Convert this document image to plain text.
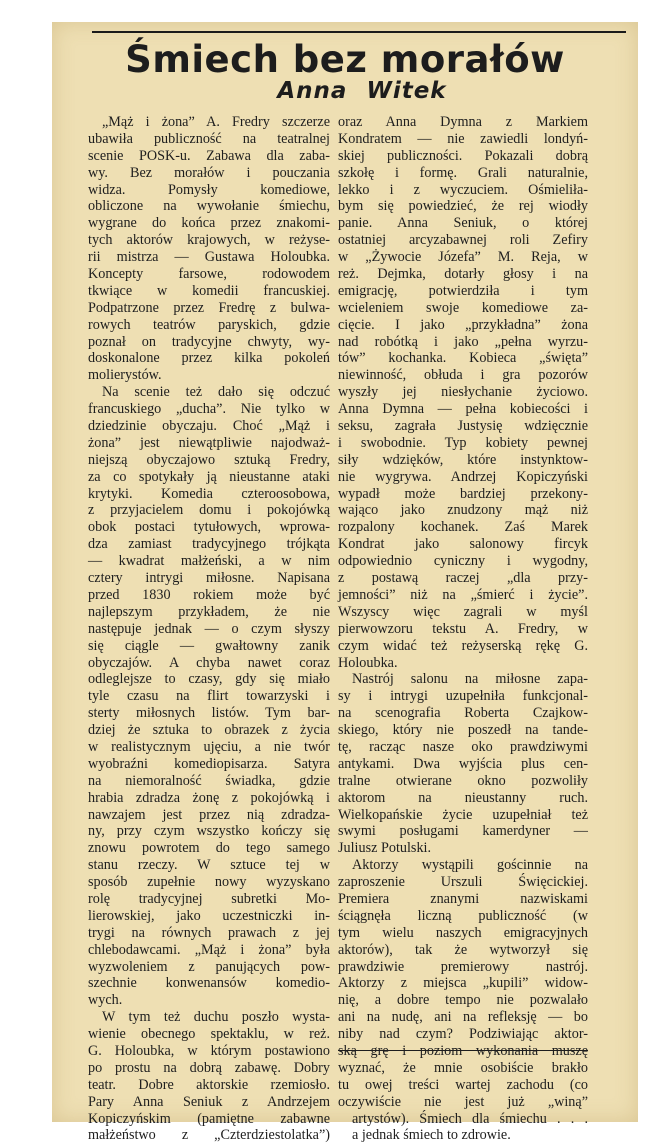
Śmiech bez morałów
Anna Witek
„Mąż i żona” A. Fredry szczerze
ubawiła publiczność na teatralnej
scenie POSK-u. Zabawa dla zaba-
wy. Bez morałów i pouczania
widza. Pomysły komediowe,
obliczone na wywołanie śmiechu,
wygrane do końca przez znakomi-
tych aktorów krajowych, w reżyse-
rii mistrza — Gustawa Holoubka.
Koncepty farsowe, rodowodem
tkwiące w komedii francuskiej.
Podpatrzone przez Fredrę z bulwa-
rowych teatrów paryskich, gdzie
poznał on tradycyjne chwyty, wy-
doskonalone przez kilka pokoleń
molierystów.
Na scenie też dało się odczuć
francuskiego „ducha”. Nie tylko w
dziedzinie obyczaju. Choć „Mąż i
żona” jest niewątpliwie najodważ-
niejszą obyczajowo sztuką Fredry,
za co spotykały ją nieustanne ataki
krytyki. Komedia czteroosobowa,
z przyjacielem domu i pokojówką
obok postaci tytułowych, wprowa-
dza zamiast tradycyjnego trójkąta
— kwadrat małżeński, a w nim
cztery intrygi miłosne. Napisana
przed 1830 rokiem może być
najlepszym przykładem, że nie
następuje jednak — o czym słyszy
się ciągle — gwałtowny zanik
obyczajów. A chyba nawet coraz
odleglejsze to czasy, gdy się miało
tyle czasu na flirt towarzyski i
sterty miłosnych listów. Tym bar-
dziej że sztuka to obrazek z życia
w realistycznym ujęciu, a nie twór
wyobraźni komediopisarza. Satyra
na niemoralność świadka, gdzie
hrabia zdradza żonę z pokojówką i
nawzajem jest przez nią zdradza-
ny, przy czym wszystko kończy się
znowu powrotem do tego samego
stanu rzeczy. W sztuce tej w
sposób zupełnie nowy wyzyskano
rolę tradycyjnej subretki Mo-
lierowskiej, jako uczestniczki in-
trygi na równych prawach z jej
chlebodawcami. „Mąż i żona” była
wyzwoleniem z panujących pow-
szechnie konwenansów komedio-
wych.
W tym też duchu poszło wysta-
wienie obecnego spektaklu, w reż.
G. Holoubka, w którym postawiono
po prostu na dobrą zabawę. Dobry
teatr. Dobre aktorskie rzemiosło.
Pary Anna Seniuk z Andrzejem
Kopiczyńskim (pamiętne zabawne
małżeństwo z „Czterdziestolatka”)
oraz Anna Dymna z Markiem
Kondratem — nie zawiedli londyń-
skiej publiczności. Pokazali dobrą
szkołę i formę. Grali naturalnie,
lekko i z wyczuciem. Ośmieliła-
bym się powiedzieć, że rej wiodły
panie. Anna Seniuk, o której
ostatniej arcyzabawnej roli Zefiry
w „Żywocie Józefa” M. Reja, w
reż. Dejmka, dotarły głosy i na
emigrację, potwierdziła i tym
wcieleniem swoje komediowe za-
cięcie. I jako „przykładna” żona
nad robótką i jako „pełna wyrzu-
tów” kochanka. Kobieca „święta”
niewinność, obłuda i gra pozorów
wyszły jej niesłychanie życiowo.
Anna Dymna — pełna kobiecości i
seksu, zagrała Justysię wdzięcznie
i swobodnie. Typ kobiety pewnej
siły wdzięków, które instynktow-
nie wygrywa. Andrzej Kopiczyński
wypadł może bardziej przekony-
wająco jako znudzony mąż niż
rozpalony kochanek. Zaś Marek
Kondrat jako salonowy fircyk
odpowiednio cyniczny i wygodny,
z postawą raczej „dla przy-
jemności” niż na „śmierć i życie”.
Wszyscy więc zagrali w myśl
pierwowzoru tekstu A. Fredry, w
czym widać też reżyserską rękę G.
Holoubka.
Nastrój salonu na miłosne zapa-
sy i intrygi uzupełniła funkcjonal-
na scenografia Roberta Czajkow-
skiego, który nie poszedł na tande-
tę, racząc nasze oko prawdziwymi
antykami. Dwa wyjścia plus cen-
tralne otwierane okno pozwoliły
aktorom na nieustanny ruch.
Wielkopańskie życie uzupełniał też
swymi posługami kamerdyner —
Juliusz Potulski.
Aktorzy wystąpili gościnnie na
zaproszenie Urszuli Święcickiej.
Premiera znanymi nazwiskami
ściągnęła liczną publiczność (w
tym wielu naszych emigracyjnych
aktorów), tak że wytworzył się
prawdziwie premierowy nastrój.
Aktorzy z miejsca „kupili” widow-
nię, a dobre tempo nie pozwalało
ani na nudę, ani na refleksję — bo
niby nad czym? Podziwiając aktor-
ską grę i poziom wykonania muszę
wyznać, że mnie osobiście brakło
tu owej treści wartej zachodu (co
oczywiście nie jest już „winą”
artystów). Śmiech dla śmiechu . . .
a jednak śmiech to zdrowie.
